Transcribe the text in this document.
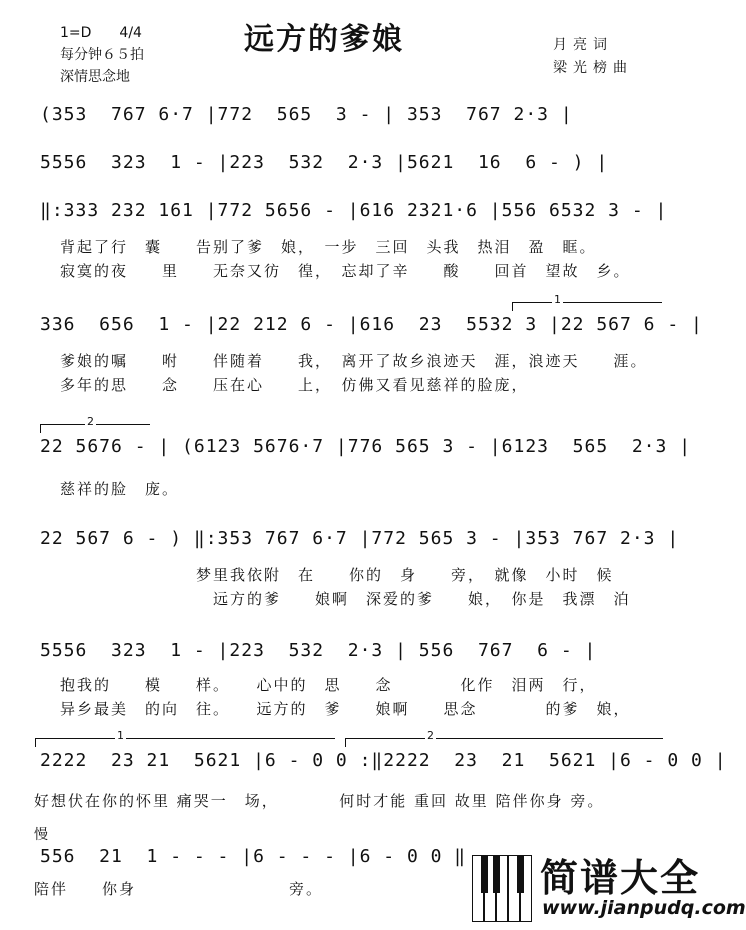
1=D　　4/4
每分钟６５拍
深情思念地
远方的爹娘	月亮词
梁光榜曲
(353  767 6·7 |772  565  3 - | 353  767 2·3 |
5556  323  1 - |223  532  2·3 |5621  16  6 - ) |
‖:333 232 161 |772 5656 - |616 2321·6 |556 6532 3 - |
背起了行　囊　　告别了爹　娘，　一步　三回　头我　热泪　盈　眶。
寂寞的夜　　里　　无奈又彷　徨，　忘却了辛　　酸　　回首　望故　乡。
1
336  656  1 - |22 212 6 - |616  23  5532 3 |22 567 6 - |
爹娘的嘱　　咐　　伴随着　　我，　离开了故乡浪迹天　涯，浪迹天　　涯。
多年的思　　念　　压在心　　上，　仿佛又看见慈祥的脸庞，
2
22 5676 - | (6123 5676·7 |776 565 3 - |6123  565  2·3 |
慈祥的脸　庞。
22 567 6 - ) ‖:353 767 6·7 |772 565 3 - |353 767 2·3 |
　　　　　　　　梦里我依附　在　　你的　身　　旁，　就像　小时　候
　　　　　　　　　远方的爹　　娘啊　深爱的爹　　娘，　你是　我漂　泊
5556  323  1 - |223  532  2·3 | 556  767  6 - |
抱我的　　模　　样。　　心中的　思　　念　　　　化作　泪两　行，
异乡最美　的向　往。　　远方的　爹　　娘啊　　思念　　　　的爹　娘，
1	2
2222  23 21  5621 |6 - 0 0 :‖2222  23  21  5621 |6 - 0 0 |
好想伏在你的怀里 痛哭一　场，　　　　何时才能 重回 故里 陪伴你身 旁。
慢
556  21  1 - - - |6 - - - |6 - 0 0 ‖
陪伴　　你身　　　　　　　　　旁。	简谱大全
www.jianpudq.com
